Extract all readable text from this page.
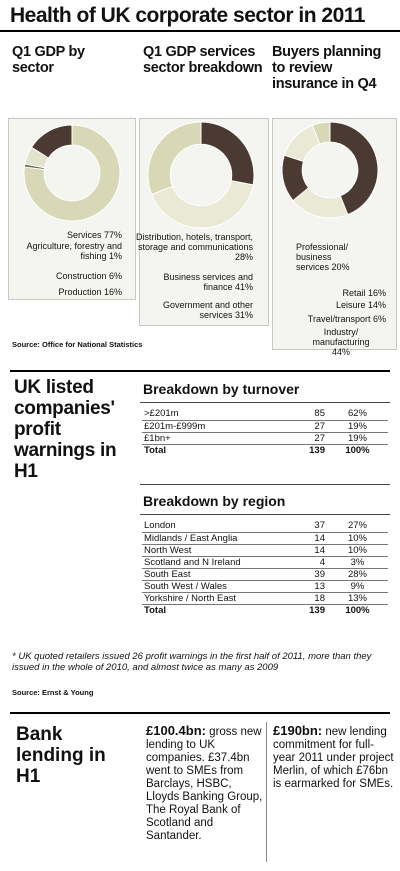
Health of UK corporate sector in 2011
Q1 GDP by sector
Q1 GDP services sector breakdown
Buyers planning to review insurance in Q4
Services 77%
Agriculture, forestry and fishing 1%
Construction 6%
Production 16%
Distribution, hotels, transport, storage and communications 28%
Business services and finance 41%
Government and other services 31%
Professional/ business services 20%
Retail 16%
Leisure 14%
Travel/transport 6%
Industry/ manufacturing 44%
Source: Office for National Statistics
UK listed companies' profit warnings in H1
Breakdown by turnover
>£201m	85	62%
£201m-£999m	27	19%
£1bn+	27	19%
Total	139	100%
Breakdown by region
London	37	27%
Midlands / East Anglia	14	10%
North West	14	10%
Scotland and N Ireland	4	3%
South East	39	28%
South West / Wales	13	9%
Yorkshire / North East	18	13%
Total	139	100%
* UK quoted retailers issued 26 profit warnings in the first half of 2011, more than they issued in the whole of 2010, and almost twice as many as 2009
Source: Ernst & Young
Bank lending in H1
£100.4bn: gross new lending to UK companies. £37.4bn went to SMEs from Barclays, HSBC, Lloyds Banking Group, The Royal Bank of Scotland and Santander.
£190bn: new lending commitment for full-year 2011 under project Merlin, of which £76bn is earmarked for SMEs.
